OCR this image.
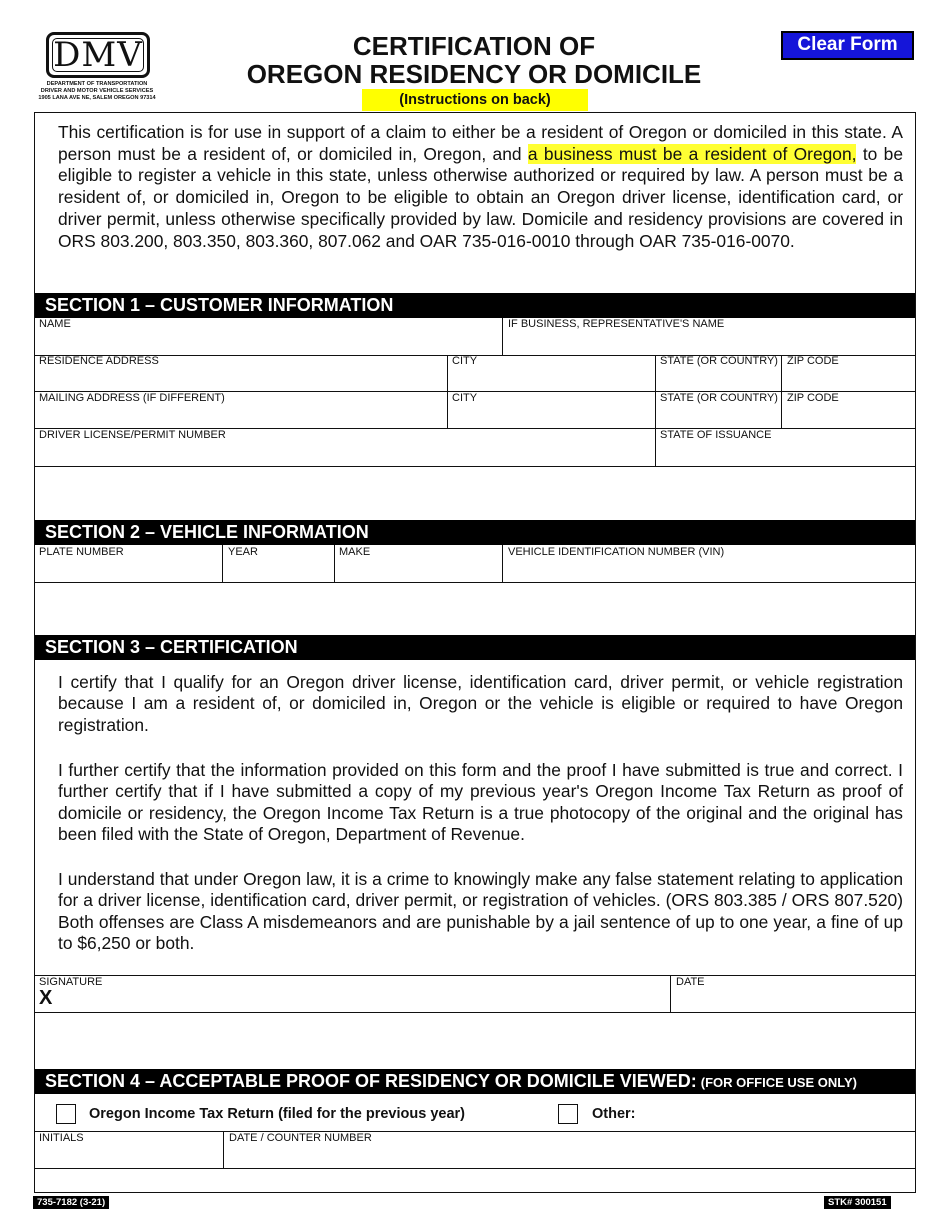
DMV
DEPARTMENT OF TRANSPORTATION
DRIVER AND MOTOR VEHICLE SERVICES
1905 LANA AVE NE, SALEM OREGON 97314
CERTIFICATION OF
OREGON RESIDENCY OR DOMICILE
(Instructions on back)
Clear Form
This certification is for use in support of a claim to either be a resident of Oregon or domiciled in this state. A person must be a resident of, or domiciled in, Oregon, and a business must be a resident of Oregon, to be eligible to register a vehicle in this state, unless otherwise authorized or required by law. A person must be a resident of, or domiciled in, Oregon to be eligible to obtain an Oregon driver license, identification card, or driver permit, unless otherwise specifically provided by law. Domicile and residency provisions are covered in ORS 803.200, 803.350, 803.360, 807.062 and OAR 735-016-0010 through OAR 735-016-0070.
SECTION 1 – CUSTOMER INFORMATION
NAME	IF BUSINESS, REPRESENTATIVE'S NAME
RESIDENCE ADDRESS	CITY	STATE (OR COUNTRY) ZIP CODE
MAILING ADDRESS (IF DIFFERENT)	CITY	STATE (OR COUNTRY) ZIP CODE
DRIVER LICENSE/PERMIT NUMBER	STATE OF ISSUANCE
SECTION 2 – VEHICLE INFORMATION
PLATE NUMBER	YEAR	MAKE	VEHICLE IDENTIFICATION NUMBER (VIN)
SECTION 3 – CERTIFICATION
I certify that I qualify for an Oregon driver license, identification card, driver permit, or vehicle registration because I am a resident of, or domiciled in, Oregon or the vehicle is eligible or required to have Oregon registration.
I further certify that the information provided on this form and the proof I have submitted is true and correct. I further certify that if I have submitted a copy of my previous year's Oregon Income Tax Return as proof of domicile or residency, the Oregon Income Tax Return is a true photocopy of the original and the original has been filed with the State of Oregon, Department of Revenue.
I understand that under Oregon law, it is a crime to knowingly make any false statement relating to application for a driver license, identification card, driver permit, or registration of vehicles. (ORS 803.385 / ORS 807.520) Both offenses are Class A misdemeanors and are punishable by a jail sentence of up to one year, a fine of up to $6,250 or both.
SIGNATURE
X
DATE
SECTION 4 – ACCEPTABLE PROOF OF RESIDENCY OR DOMICILE VIEWED: (FOR OFFICE USE ONLY)
Oregon Income Tax Return (filed for the previous year)	Other:
INITIALS	DATE / COUNTER NUMBER
735-7182 (3-21)	STK# 300151
